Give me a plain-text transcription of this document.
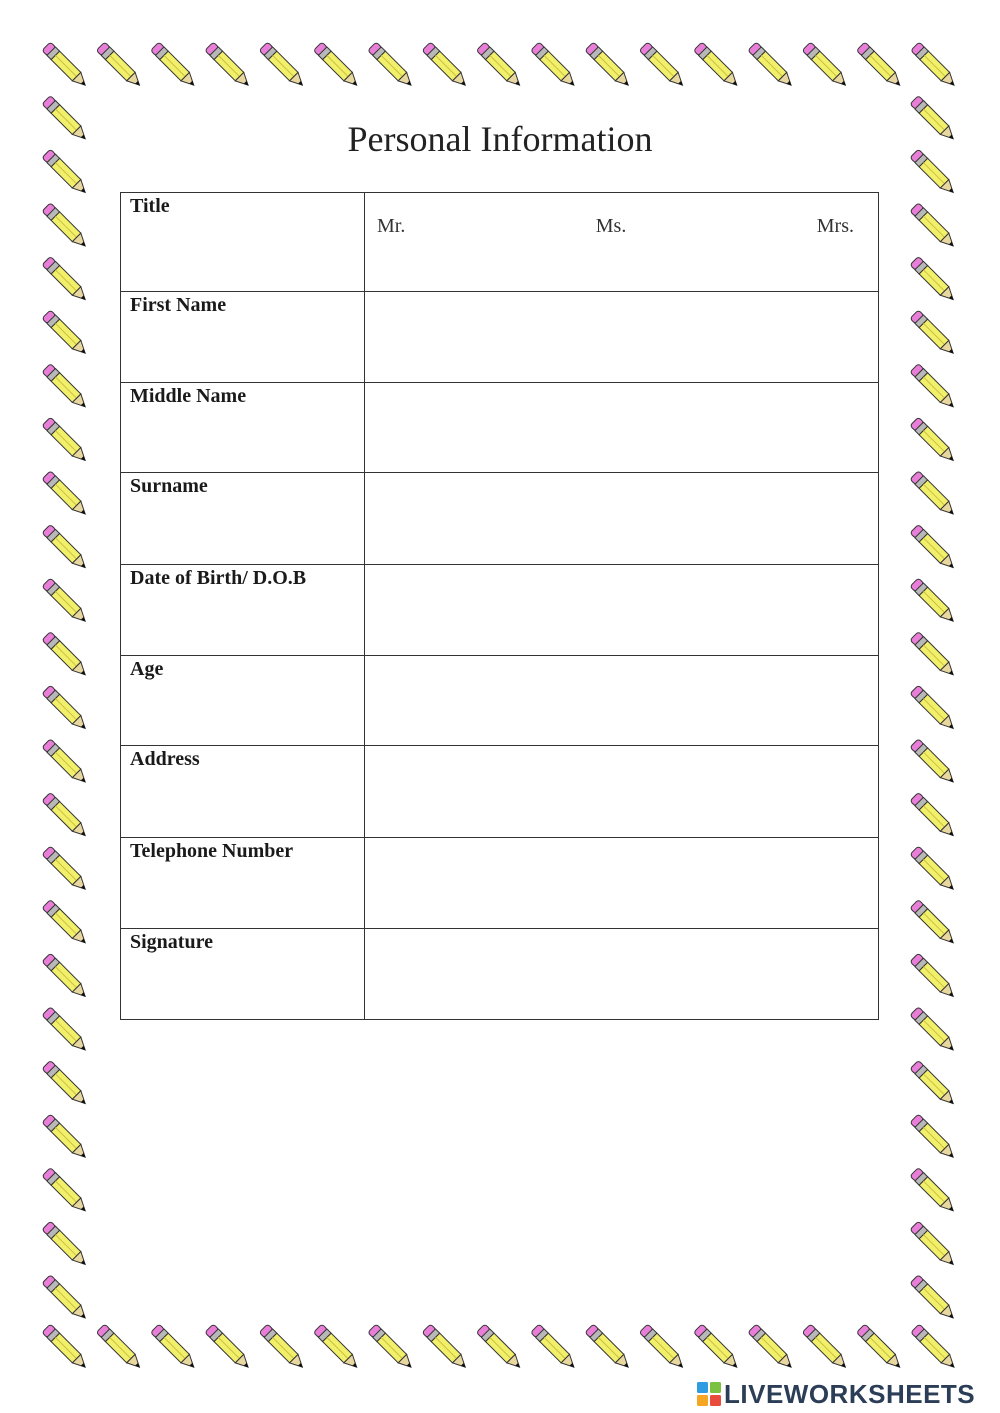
Personal Information
Title	Mr. Ms. Mrs.

First Name	
Middle Name	
Surname	
Date of Birth/ D.O.B	
Age	
Address	
Telephone Number	
Signature	
LIVEWORKSHEETS
